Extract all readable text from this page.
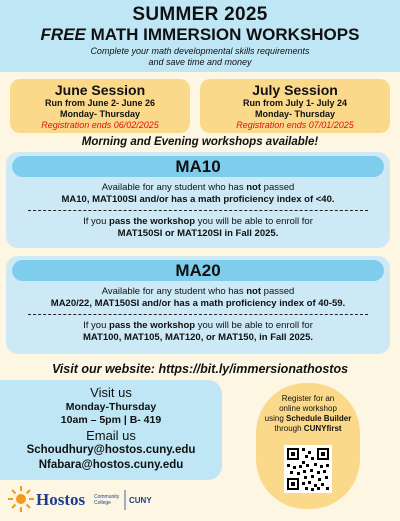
SUMMER 2025
FREE MATH IMMERSION WORKSHOPS
Complete your math developmental skills requirements
and save time and money
June Session
Run from June 2- June 26
Monday- Thursday
Registration ends 06/02/2025
July Session
Run from July 1- July 24
Monday- Thursday
Registration ends 07/01/2025
Morning and Evening workshops available!
MA10
Available for any student who has not passed
MA10, MAT100SI and/or has a math proficiency index of <40.
If you pass the workshop you will be able to enroll for
MAT150SI or MAT120SI in Fall 2025.
MA20
Available for any student who has not passed
MA20/22, MAT150SI and/or has a math proficiency index of 40-59.
If you pass the workshop you will be able to enroll for
MAT100, MAT105, MAT120, or MAT150, in Fall 2025.
Visit our website: https://bit.ly/immersionathostos
Visit us
Monday-Thursday
10am – 5pm | B- 419
Email us
Schoudhury@hostos.cuny.edu
Nfabara@hostos.cuny.edu
Register for an
online workshop
using Schedule Builder
through CUNYfirst
Hostos Community
College CUNY
